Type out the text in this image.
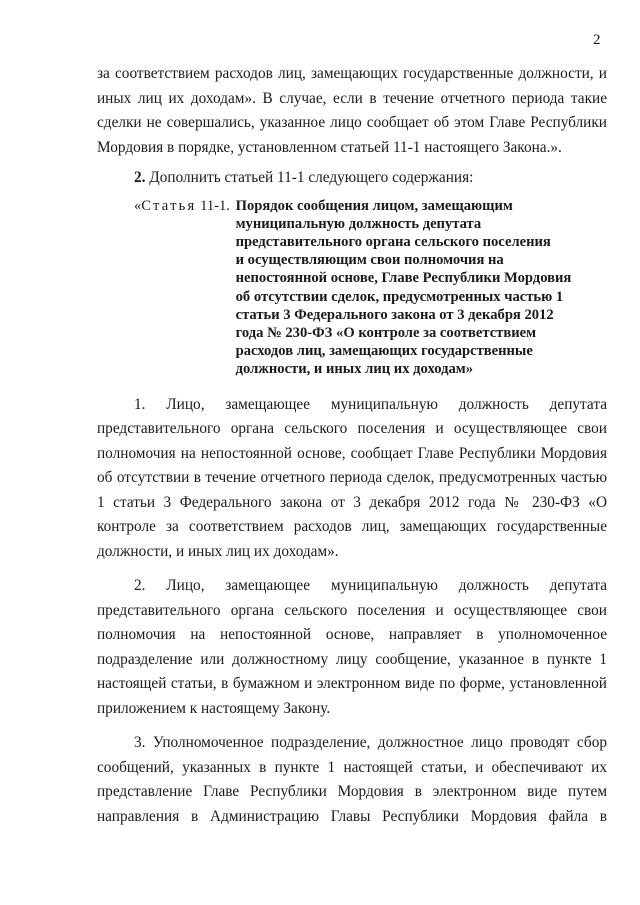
2
за соответствием расходов лиц, замещающих государственные должности, и
иных лиц их доходам». В случае, если в течение отчетного периода такие
сделки не совершались, указанное лицо сообщает об этом Главе Республики
Мордовия в порядке, установленном статьей 11-1 настоящего Закона.».
2. Дополнить статьей 11-1 следующего содержания:
«Статья 11-1. Порядок сообщения лицом, замещающим
муниципальную должность депутата
представительного органа сельского поселения
и осуществляющим свои полномочия на
непостоянной основе, Главе Республики Мордовия
об отсутствии сделок, предусмотренных частью 1
статьи 3 Федерального закона от 3 декабря 2012
года № 230-ФЗ «О контроле за соответствием
расходов лиц, замещающих государственные
должности, и иных лиц их доходам»
1. Лицо, замещающее муниципальную должность депутата
представительного органа сельского поселения и осуществляющее свои
полномочия на непостоянной основе, сообщает Главе Республики Мордовия
об отсутствии в течение отчетного периода сделок, предусмотренных частью
1 статьи 3 Федерального закона от 3 декабря 2012 года № 230-ФЗ «О
контроле за соответствием расходов лиц, замещающих государственные
должности, и иных лиц их доходам».
2. Лицо, замещающее муниципальную должность депутата
представительного органа сельского поселения и осуществляющее свои
полномочия на непостоянной основе, направляет в уполномоченное
подразделение или должностному лицу сообщение, указанное в пункте 1
настоящей статьи, в бумажном и электронном виде по форме, установленной
приложением к настоящему Закону.
3. Уполномоченное подразделение, должностное лицо проводят сбор
сообщений, указанных в пункте 1 настоящей статьи, и обеспечивают их
представление Главе Республики Мордовия в электронном виде путем
направления в Администрацию Главы Республики Мордовия файла в
